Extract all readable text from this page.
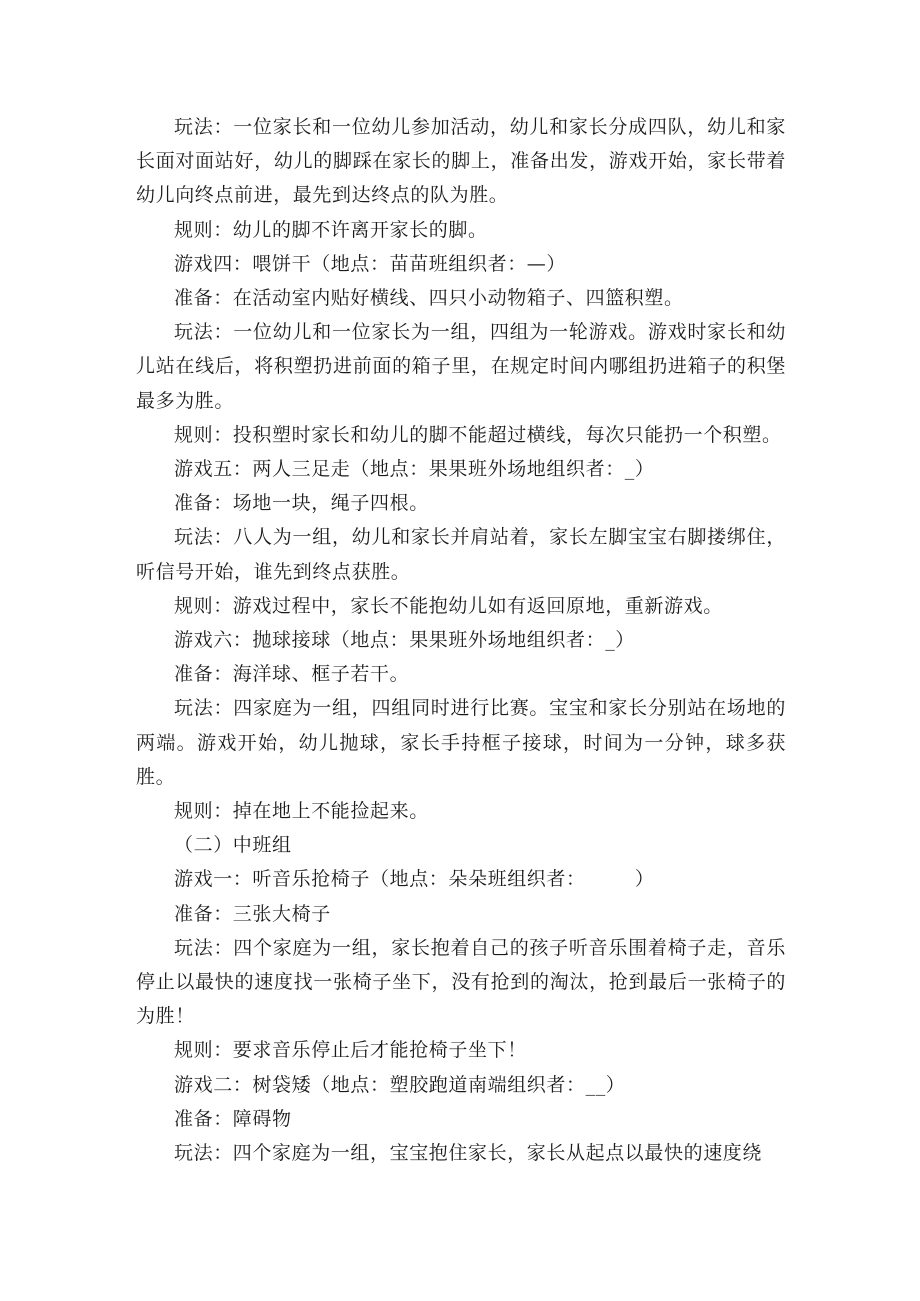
玩法：一位家长和一位幼儿参加活动，幼儿和家长分成四队，幼儿和家长面对面站好，幼儿的脚踩在家长的脚上，准备出发，游戏开始，家长带着幼儿向终点前进，最先到达终点的队为胜。

规则：幼儿的脚不许离开家长的脚。

游戏四：喂饼干（地点：苗苗班组织者：—）

准备：在活动室内贴好横线、四只小动物箱子、四篮积塑。

玩法：一位幼儿和一位家长为一组，四组为一轮游戏。游戏时家长和幼儿站在线后，将积塑扔进前面的箱子里，在规定时间内哪组扔进箱子的积堡最多为胜。

规则：投积塑时家长和幼儿的脚不能超过横线，每次只能扔一个积塑。

游戏五：两人三足走（地点：果果班外场地组织者：_）

准备：场地一块，绳子四根。

玩法：八人为一组，幼儿和家长并肩站着，家长左脚宝宝右脚搂绑住，听信号开始，谁先到终点获胜。

规则：游戏过程中，家长不能抱幼儿如有返回原地，重新游戏。

游戏六：抛球接球（地点：果果班外场地组织者：_）

准备：海洋球、框子若干。

玩法：四家庭为一组，四组同时进行比赛。宝宝和家长分别站在场地的两端。游戏开始，幼儿抛球，家长手持框子接球，时间为一分钟，球多获胜。

规则：掉在地上不能捡起来。

（二）中班组

游戏一：听音乐抢椅子（地点：朵朵班组织者：　　　）

准备：三张大椅子

玩法：四个家庭为一组，家长抱着自己的孩子听音乐围着椅子走，音乐停止以最快的速度找一张椅子坐下，没有抢到的淘汰，抢到最后一张椅子的为胜！

规则：要求音乐停止后才能抢椅子坐下！

游戏二：树袋矮（地点：塑胶跑道南端组织者：__）

准备：障碍物

玩法：四个家庭为一组，宝宝抱住家长，家长从起点以最快的速度绕
